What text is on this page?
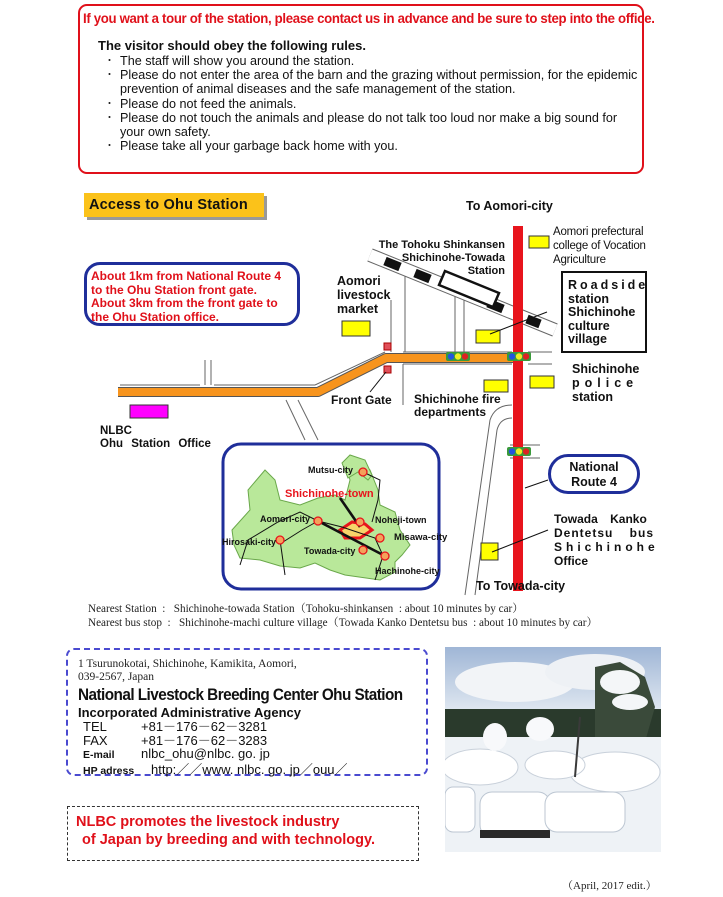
If you want a tour of the station, please contact us in advance and be sure to step into the office.
The visitor should obey the following rules.
・ The staff will show you around the station.
・ Please do not enter the area of the barn and the grazing without permission, for the epidemic prevention of animal diseases and the safe management of the station.
・ Please do not feed the animals.
・ Please do not touch the animals and please do not talk too loud nor make a big sound for your own safety.
・ Please take all your garbage back home with you.
Access to Ohu Station	To Aomori-city
The Tohoku Shinkansen
Shichinohe-Towada
Station
Aomori prefectural
college of Vocation
Agriculture
Roadside
station
Shichinohe
culture
village
Aomori
livestock
market
About 1km from National Route 4 to the Ohu Station front gate.
About 3km from the front gate to the Ohu Station office.
Shichinohe
police
station
Front Gate Shichinohe fire
departments
NLBC
Ohu Station Office
National
Route 4
Towada Kanko
Dentetsu bus
Shichinohe
Office
To Towada-city
Mutsu-city
Shichinohe-town
Aomori-city	Noheji-town
Hirosaki-city	Misawa-city
Towada-city
Hachinohe-city
Nearest Station  :   Shichinohe-towada Station（Tohoku-shinkansen  : about 10 minutes by car）
Nearest bus stop  :   Shichinohe-machi culture village（Towada Kanko Dentetsu bus  : about 10 minutes by car）
1 Tsurunokotai, Shichinohe, Kamikita, Aomori,
039-2567, Japan
National Livestock Breeding Center Ohu Station
Incorporated Administrative Agency
TEL	+81－176－62－3281
FAX	+81－176－62－3283
E-mail nlbc_ohu@nlbc. go. jp
HP adress http:／／www. nlbc. go. jp／ouu／
NLBC promotes the livestock industry
of Japan by breeding and with technology.
（April, 2017 edit.）
